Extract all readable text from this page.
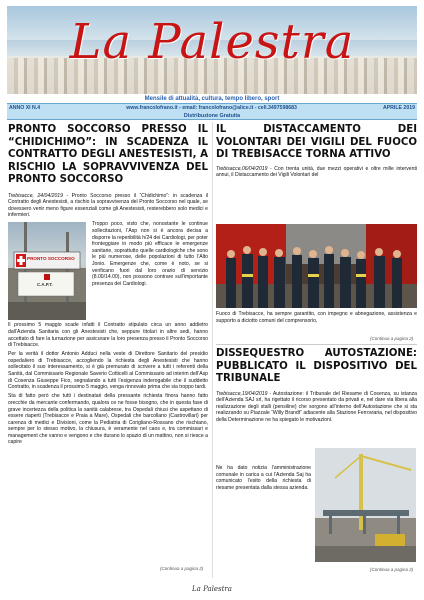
La Palestra
Mensile di attualità, cultura, tempo libero, sport
ANNO XI N.4	www.francolofrano.it - email: francolofrano@alice.it - cell.3497598683	APRILE 2019
Distribuzione Gratuita
PRONTO SOCCORSO PRESSO IL “CHIDICHIMO”: IN SCADENZA IL CONTRATTO DEGLI ANESTESISTI, A RISCHIO LA SOPRAVVIVENZA DEL PRONTO SOCCORSO

Trebisacce, 24/04/2019 - Pronto Soccorso presso il “Chidichimo”: in scadenza il Contratto degli Anestesisti, a rischio la sopravvivenza del Pronto Soccorso nel quale, se dovessero venir meno figure essenziali come gli Anestesisti, resterebbero solo medici e infermieri.

PRONTO SOCCORSO
C.A.P.T.

Troppo poco, visto che, nonostante le continue sollecitazioni, l’Asp non si è ancora decisa a disporre la reperibilità h/24 dei Cardiologi, per poter fronteggiare in modo più efficace le emergenze sanitarie, soprattutto quelle cardiologiche che sono le più numerose, delle popolazioni di tutto l’Alto Jonio. Emergenze che, come è noto, se si verificano fuori dal loro orario di servizio (8.00/14.00), non possono contrare sull’importante presenza dei Cardiologi.

Il prossimo 5 maggio scade infatti il Contratto stipulato circa un anno addietro dall’Azienda Sanitaria con gli Anestesisti che, seppure titolari in altre sedi, hanno accettato di fare la turnazione per assicurare la loro presenza presso il Pronto Soccorso di Trebisacce.

Per la verità il dottor Antonio Adduci nella veste di Direttore Sanitario del presidio ospedaliero di Trebisacce, accogliendo la richiesta degli Anestesisti che hanno sollecitato il suo interessamento, si è già premurato di scrivere a tutti i referenti della Sanità, dal Commissario Regionale Saverio Cotticelli al Commissario ad interim dell’Asp di Cosenza Giuseppe Fico, segnalando a tutti l’esigenza inderogabile che il suddetto Contratto, in scadenza il prossimo 5 maggio, venga rinnovato prima che sia troppo tardi.

Sta di fatto però che tutti i destinatari della pressante richiesta finora hanno fatto orecchie da mercante confermando, qualora ce ne fosse bisogno, che in questa fase di grave incertezza della politica la sanità calabrese, tra Ospedali chiusi che aspettano di essere riaperti (Trebisacce e Praia a Mare), Ospedali che barcollano (Castrovillari) per carenza di medici e Divisioni, come la Pediatria di Corigliano-Rossano che rischiano, sempre per lo stesso motivo, la chiusura, è veramente nel caos e, tra commissari e management che vanno e vengono e che durano lo spazio di un mattino, non si riesce a capire

(Continua a pagina 2)
IL DISTACCAMENTO DEI VOLONTARI DEI VIGILI DEL FUOCO DI TREBISACCE TORNA ATTIVO

Trebisacce,06/04/2019 - Con trenta unità, due mezzi operativi e oltre mille interventi annui, il Distaccamento dei Vigili Volontari del

Fuoco di Trebisacce, ha sempre garantito, con impegno e abnegazione, assistenza e supporto a diciotto comuni del comprensorio,

(Continua a pagina 2)
DISSEQUESTRO AUTOSTAZIONE: PUBBLICATO IL DISPOSITIVO DEL TRIBUNALE

Trebisacce,19/04/2019 - Autostazione: il Tribunale del Riesame di Cosenza, su istanza dell’Azienda SAJ srl, ha rigettato il ricorso presentato da privati e, nel dare via libera alla realizzazione degli stalli (pensiline) che sorgono all’interno dell’Autostazione che si sta realizzando su Piazzale “Willy Brandt” adiacente alla Stazione Ferroviaria, nel dispositivo della Determinazione ne ha spiegato le motivazioni.

Ne ha dato notizia l’amministrazione comunale in carica a cui l’Azienda Saj ha comunicato l’esito della richiesta di riesame presentata dalla stessa azienda.

(Continua a pagina 2)
La Palestra
